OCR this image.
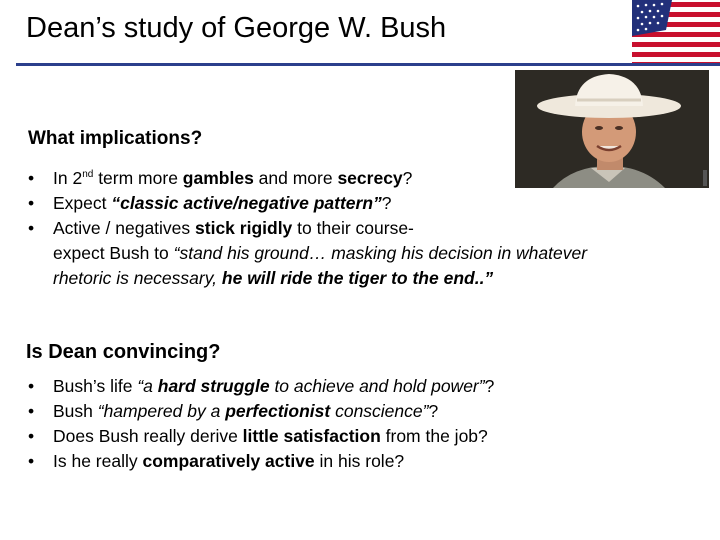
Dean’s study of George W. Bush
What implications?
• In 2nd term more gambles and more secrecy?
• Expect “classic active/negative pattern”?
• Active / negatives stick rigidly to their course-
expect Bush to “stand his ground… masking his decision in whatever
rhetoric is necessary, he will ride the tiger to the end..”
Is Dean convincing?
• Bush’s life “a hard struggle to achieve and hold power”?
• Bush “hampered by a perfectionist conscience”?
• Does Bush really derive little satisfaction from the job?
• Is he really comparatively active in his role?
